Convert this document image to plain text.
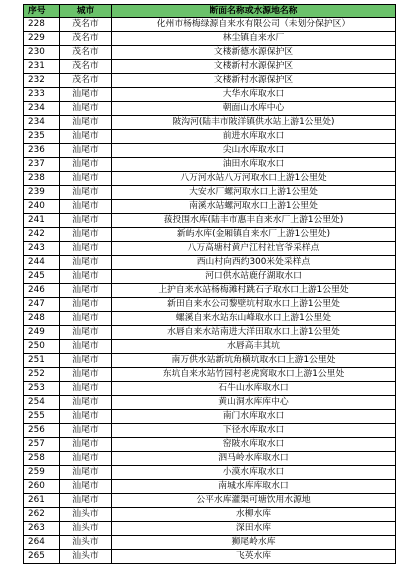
序号	城市	断面名称或水源地名称
228	茂名市	化州市杨梅绿源自来水有限公司（未划分保护区）
229	茂名市	林尘镇自来水厂
230	茂名市	文楼新德水源保护区
231	茂名市	文楼新村水源保护区
232	茂名市	文楼新村水源保护区
233	汕尾市	大华水库取水口
234	汕尾市	朝面山水库中心
234	汕尾市	陂沟河(陆丰市陂洋镇供水站上游1公里处)
235	汕尾市	前进水库取水口
236	汕尾市	尖山水库取水口
237	汕尾市	油田水库取水口
238	汕尾市	八万河水站八万河取水口上游1公里处
239	汕尾市	大安水厂螺河取水口上游1公里处
240	汕尾市	南溪水站螺河取水口上游1公里处
241	汕尾市	菝投围水库(陆丰市惠丰自来水厂上游1公里处)
242	汕尾市	新屿水库(金厢镇自来水厂上游1公里处)
243	汕尾市	八万高塘村黄户江村社官爷采样点
244	汕尾市	西山村向西约300米处采样点
245	汕尾市	河口供水站鹿仔湖取水口
246	汕尾市	上护自来水站杨梅滩村跳石子取水口上游1公里处
247	汕尾市	新田自来水公司黎壁坑村取水口上游1公里处
248	汕尾市	螺溪自来水站东山峰取水口上游1公里处
249	汕尾市	水唇自来水站南进大洋田取水口上游1公里处
250	汕尾市	水唇高丰其坑
251	汕尾市	南万供水站新坑角横坑取水口上游1公里处
252	汕尾市	东坑自来水站竹园村老虎窝取水口上游1公里处
253	汕尾市	石牛山水库取水口
254	汕尾市	黄山洞水库库中心
255	汕尾市	南门水库取水口
256	汕尾市	下径水库取水口
257	汕尾市	窑陂水库取水口
258	汕尾市	泗马岭水库取水口
259	汕尾市	小漠水库取水口
260	汕尾市	南城水库库取水口
261	汕尾市	公平水库灌渠可塘饮用水源地
262	汕头市	水柳水库
263	汕头市	深田水库
264	汕头市	狮尾岭水库
265	汕头市	飞英水库
